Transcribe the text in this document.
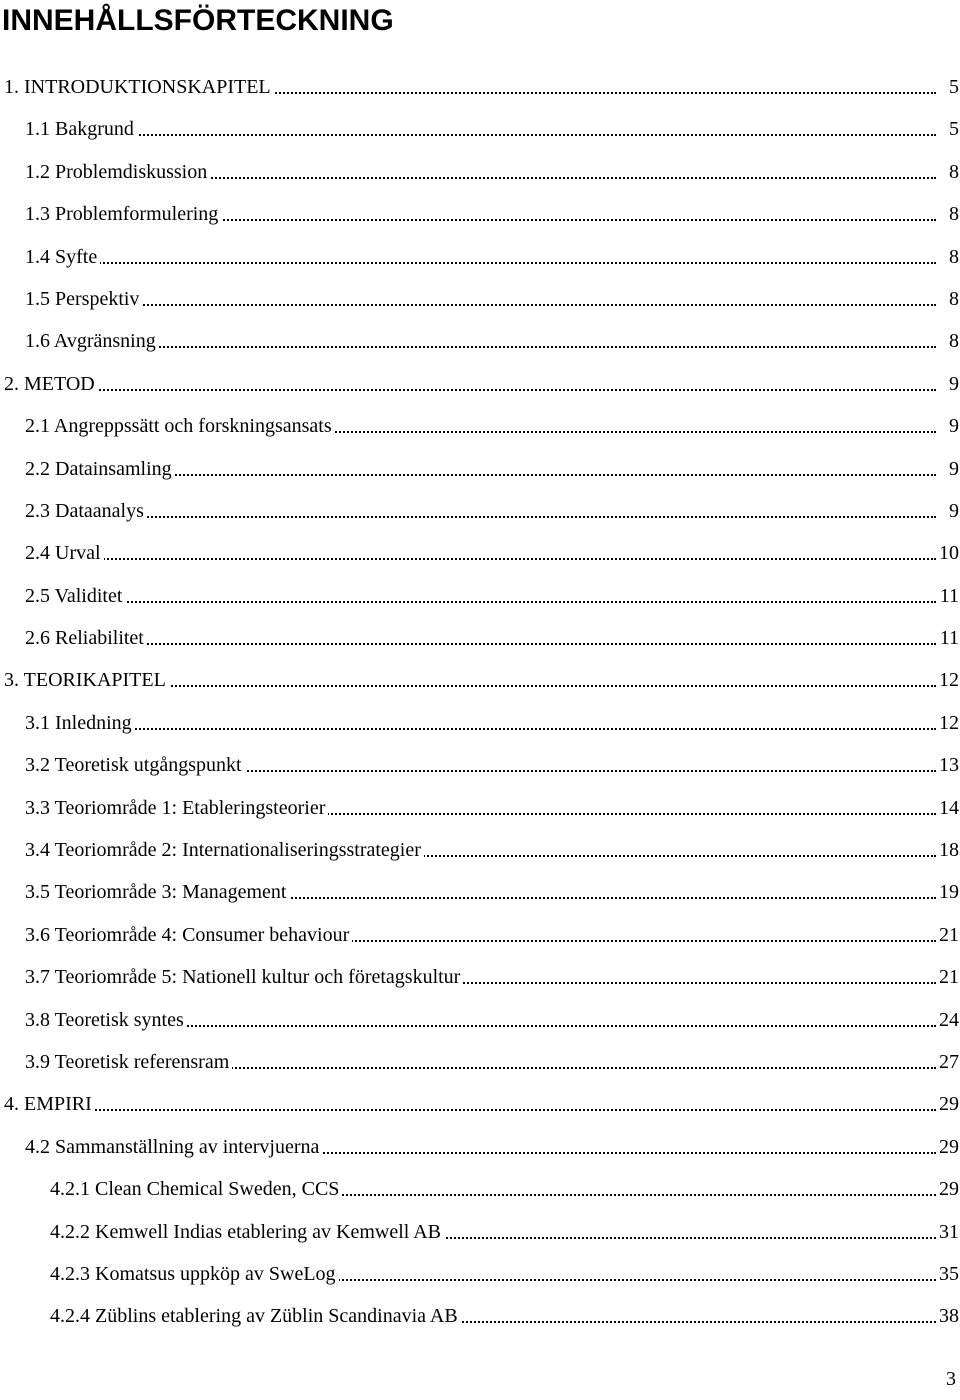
INNEHÅLLSFÖRTECKNING
1. INTRODUKTIONSKAPITEL	5
1.1 Bakgrund	5
1.2 Problemdiskussion	8
1.3 Problemformulering	8
1.4 Syfte	8
1.5 Perspektiv	8
1.6 Avgränsning	8
2. METOD	9
2.1 Angreppssätt och forskningsansats	9
2.2 Datainsamling	9
2.3 Dataanalys	9
2.4 Urval	10
2.5 Validitet	11
2.6 Reliabilitet	11
3. TEORIKAPITEL	12
3.1 Inledning	12
3.2 Teoretisk utgångspunkt	13
3.3 Teoriområde 1: Etableringsteorier	14
3.4 Teoriområde 2: Internationaliseringsstrategier	18
3.5 Teoriområde 3: Management	19
3.6 Teoriområde 4: Consumer behaviour	21
3.7 Teoriområde 5: Nationell kultur och företagskultur	21
3.8 Teoretisk syntes	24
3.9 Teoretisk referensram	27
4. EMPIRI	29
4.2 Sammanställning av intervjuerna	29
4.2.1 Clean Chemical Sweden, CCS	29
4.2.2 Kemwell Indias etablering av Kemwell AB	31
4.2.3 Komatsus uppköp av SweLog	35
4.2.4 Züblins etablering av Züblin Scandinavia AB	38
3
